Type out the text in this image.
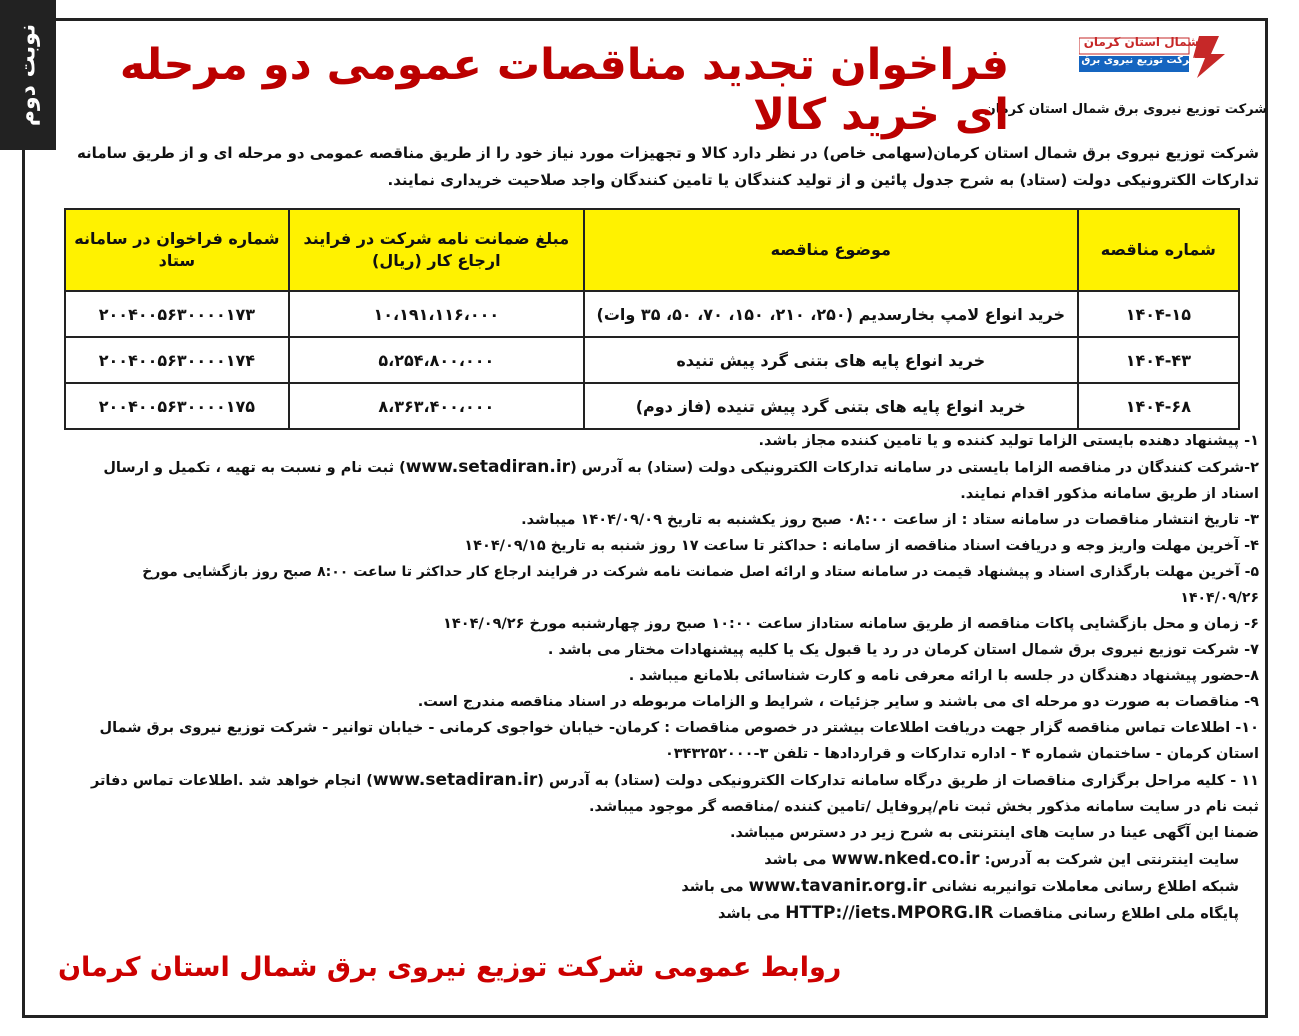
نوبت دوم	شمال استان کرمان
شرکت توزیع نیروی برق
شرکت توزیع نیروی برق شمال استان کرمان
فراخوان تجدید مناقصات عمومی دو مرحله ای خرید کالا
شرکت توزیع نیروی برق شمال استان کرمان(سهامی خاص) در نظر دارد کالا و تجهیزات مورد نیاز خود را از طریق مناقصه عمومی دو مرحله ای و از طریق سامانه تدارکات الکترونیکی دولت (ستاد) به شرح جدول پائین و از تولید کنندگان یا تامین کنندگان واجد صلاحیت خریداری نمایند.
شماره مناقصه	موضوع مناقصه	مبلغ ضمانت نامه شرکت در فرایند ارجاع کار (ریال)	شماره فراخوان در سامانه ستاد
۱۴۰۴-۱۵	خرید انواع لامپ بخارسدیم (۲۵۰، ۲۱۰، ۱۵۰، ۷۰، ۵۰، ۳۵ وات)	۱۰،۱۹۱،۱۱۶،۰۰۰	۲۰۰۴۰۰۵۶۳۰۰۰۰۱۷۳
۱۴۰۴-۴۳	خرید انواع پایه های بتنی گرد پیش تنیده	۵،۲۵۴،۸۰۰،۰۰۰	۲۰۰۴۰۰۵۶۳۰۰۰۰۱۷۴
۱۴۰۴-۶۸	خرید انواع پایه های بتنی گرد پیش تنیده (فاز دوم)	۸،۳۶۳،۴۰۰،۰۰۰	۲۰۰۴۰۰۵۶۳۰۰۰۰۱۷۵

۱- پیشنهاد دهنده بایستی الزاما تولید کننده و یا تامین کننده مجاز باشد.

۲-شرکت کنندگان در مناقصه الزاما بایستی در سامانه تدارکات الکترونیکی دولت (ستاد) به آدرس (www.setadiran.ir) ثبت نام و نسبت به تهیه ، تکمیل و ارسال اسناد از طریق سامانه مذکور اقدام نمایند.

۳- تاریخ انتشار مناقصات در سامانه ستاد : از ساعت ۰۸:۰۰ صبح روز یکشنبه به تاریخ ۱۴۰۴/۰۹/۰۹ میباشد.

۴- آخرین مهلت واریز وجه و دریافت اسناد مناقصه از سامانه : حداکثر تا ساعت ۱۷ روز شنبه به تاریخ ۱۴۰۴/۰۹/۱۵

۵- آخرین مهلت بارگذاری اسناد و پیشنهاد قیمت در سامانه ستاد و ارائه اصل ضمانت نامه شرکت در فرایند ارجاع کار حداکثر تا ساعت ۸:۰۰ صبح روز بازگشایی مورخ ۱۴۰۴/۰۹/۲۶

۶- زمان و محل بازگشایی پاکات مناقصه از طریق سامانه ستاداز ساعت ۱۰:۰۰ صبح روز چهارشنبه مورخ ۱۴۰۴/۰۹/۲۶

۷- شرکت توزیع نیروی برق شمال استان کرمان در رد یا قبول یک یا کلیه پیشنهادات مختار می باشد .

۸-حضور پیشنهاد دهندگان در جلسه با ارائه معرفی نامه و کارت شناسائی بلامانع میباشد .

۹- مناقصات به صورت دو مرحله ای می باشند و سایر جزئیات ، شرایط و الزامات مربوطه در اسناد مناقصه مندرج است.

۱۰- اطلاعات تماس مناقصه گزار جهت دریافت اطلاعات بیشتر در خصوص مناقصات : کرمان- خیابان خواجوی کرمانی - خیابان توانیر - شرکت توزیع نیروی برق شمال استان کرمان - ساختمان شماره ۴ - اداره تدارکات و قراردادها - تلفن ۳-۰۳۴۳۲۵۲۰۰۰

۱۱ - کلیه مراحل برگزاری مناقصات از طریق درگاه سامانه تدارکات الکترونیکی دولت (ستاد) به آدرس (www.setadiran.ir) انجام خواهد شد .اطلاعات تماس دفاتر ثبت نام در سایت سامانه مذکور بخش ثبت نام/پروفایل /تامین کننده /مناقصه گر موجود میباشد.

ضمنا این آگهی عینا در سایت های اینترنتی به شرح زیر در دسترس میباشد.

سایت اینترنتی این شرکت به آدرس: www.nked.co.ir می باشد

شبکه اطلاع رسانی معاملات توانیربه نشانی www.tavanir.org.ir می باشد

پایگاه ملی اطلاع رسانی مناقصات HTTP://iets.MPORG.IR می باشد

روابط عمومی شرکت توزیع نیروی برق شمال استان کرمان
